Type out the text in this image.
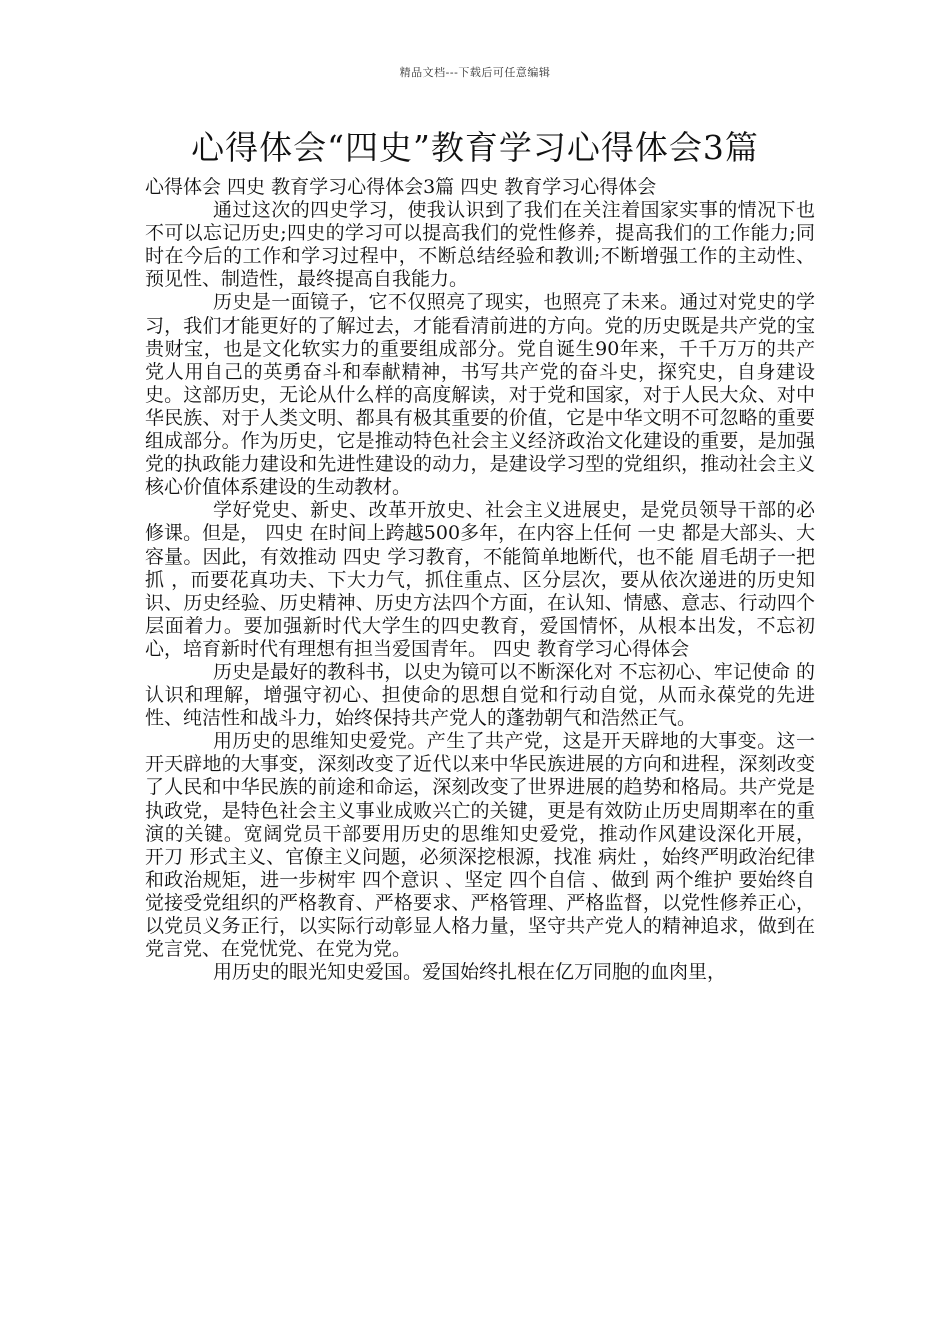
精品文档---下载后可任意编辑
心得体会“四史”教育学习心得体会3篇

心得体会 四史 教育学习心得体会3篇 四史 教育学习心得体会

通过这次的四史学习，使我认识到了我们在关注着国家实事的情况下也不可以忘记历史;四史的学习可以提高我们的党性修养，提高我们的工作能力;同时在今后的工作和学习过程中，不断总结经验和教训;不断增强工作的主动性、预见性、制造性，最终提高自我能力。

历史是一面镜子，它不仅照亮了现实，也照亮了未来。通过对党史的学习，我们才能更好的了解过去，才能看清前进的方向。党的历史既是共产党的宝贵财宝，也是文化软实力的重要组成部分。党自诞生90年来，千千万万的共产党人用自己的英勇奋斗和奉献精神，书写共产党的奋斗史，探究史，自身建设史。这部历史，无论从什么样的高度解读，对于党和国家，对于人民大众、对中华民族、对于人类文明、都具有极其重要的价值，它是中华文明不可忽略的重要组成部分。作为历史，它是推动特色社会主义经济政治文化建设的重要，是加强党的执政能力建设和先进性建设的动力，是建设学习型的党组织，推动社会主义核心价值体系建设的生动教材。

学好党史、新史、改革开放史、社会主义进展史，是党员领导干部的必修课。但是， 四史 在时间上跨越500多年，在内容上任何 一史 都是大部头、大容量。因此，有效推动 四史 学习教育，不能简单地断代，也不能 眉毛胡子一把抓 ，而要花真功夫、下大力气，抓住重点、区分层次，要从依次递进的历史知识、历史经验、历史精神、历史方法四个方面，在认知、情感、意志、行动四个层面着力。要加强新时代大学生的四史教育，爱国情怀，从根本出发，不忘初心，培育新时代有理想有担当爱国青年。 四史 教育学习心得体会

历史是最好的教科书，以史为镜可以不断深化对 不忘初心、牢记使命 的认识和理解，增强守初心、担使命的思想自觉和行动自觉，从而永葆党的先进性、纯洁性和战斗力，始终保持共产党人的蓬勃朝气和浩然正气。

用历史的思维知史爱党。产生了共产党，这是开天辟地的大事变。这一开天辟地的大事变，深刻改变了近代以来中华民族进展的方向和进程，深刻改变了人民和中华民族的前途和命运，深刻改变了世界进展的趋势和格局。共产党是执政党，是特色社会主义事业成败兴亡的关键，更是有效防止历史周期率在的重演的关键。宽阔党员干部要用历史的思维知史爱党，推动作风建设深化开展， 开刀 形式主义、官僚主义问题，必须深挖根源，找准 病灶 ，始终严明政治纪律和政治规矩，进一步树牢 四个意识 、坚定 四个自信 、做到 两个维护 要始终自觉接受党组织的严格教育、严格要求、严格管理、严格监督，以党性修养正心，以党员义务正行，以实际行动彰显人格力量，坚守共产党人的精神追求，做到在党言党、在党忧党、在党为党。

用历史的眼光知史爱国。爱国始终扎根在亿万同胞的血肉里，
